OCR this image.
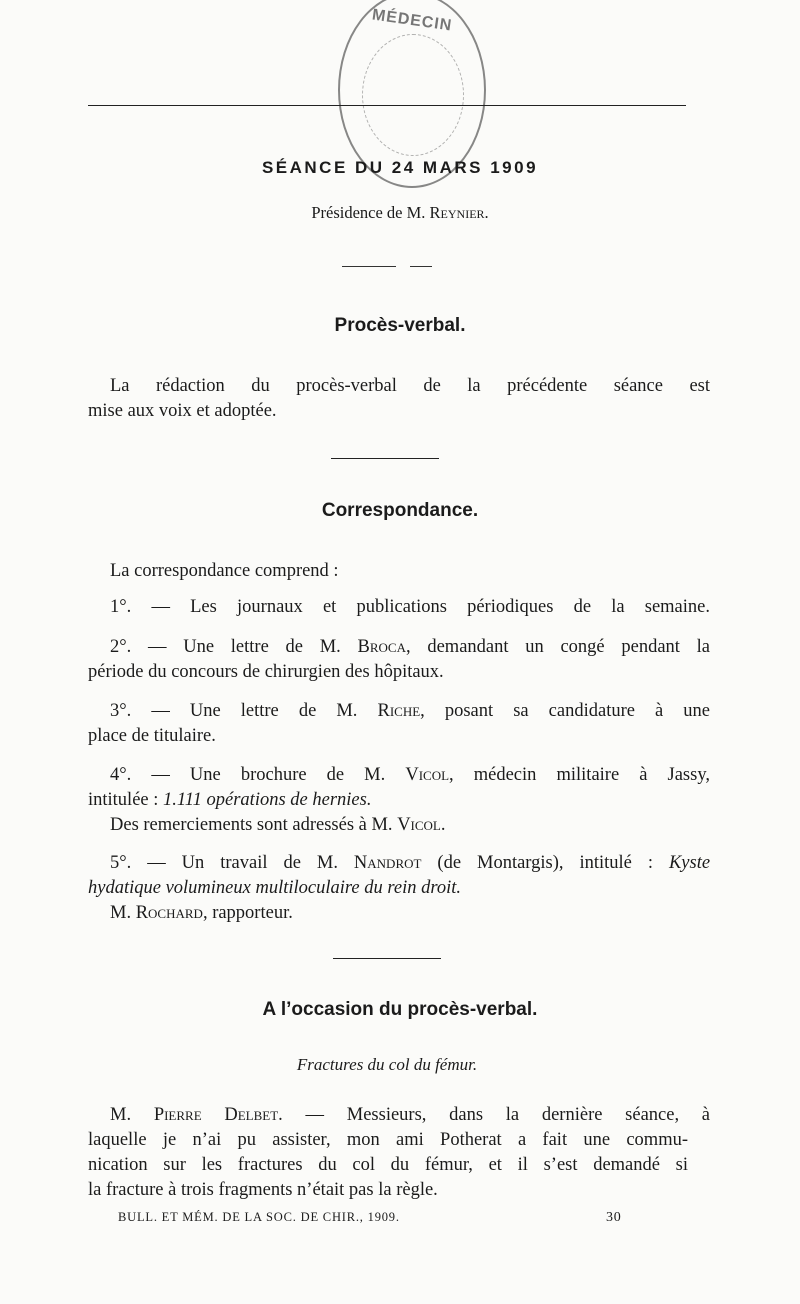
MÉDECIN
SÉANCE DU 24 MARS 1909
Présidence de M. Reynier.
Procès-verbal.
La rédaction du procès-verbal de la précédente séance est
mise aux voix et adoptée.
Correspondance.
La correspondance comprend :
1°. — Les journaux et publications périodiques de la semaine.
2°. — Une lettre de M. Broca, demandant un congé pendant la
période du concours de chirurgien des hôpitaux.
3°. — Une lettre de M. Riche, posant sa candidature à une
place de titulaire.
4°. — Une brochure de M. Vicol, médecin militaire à Jassy,
intitulée : 1.111 opérations de hernies.
Des remerciements sont adressés à M. Vicol.
5°. — Un travail de M. Nandrot (de Montargis), intitulé : Kyste
hydatique volumineux multiloculaire du rein droit.
M. Rochard, rapporteur.
A l’occasion du procès-verbal.
Fractures du col du fémur.
M. Pierre Delbet. — Messieurs, dans la dernière séance, à
laquelle je n’ai pu assister, mon ami Potherat a fait une commu-
nication sur les fractures du col du fémur, et il s’est demandé si
la fracture à trois fragments n’était pas la règle.
BULL. ET MÉM. DE LA SOC. DE CHIR., 1909.	30
